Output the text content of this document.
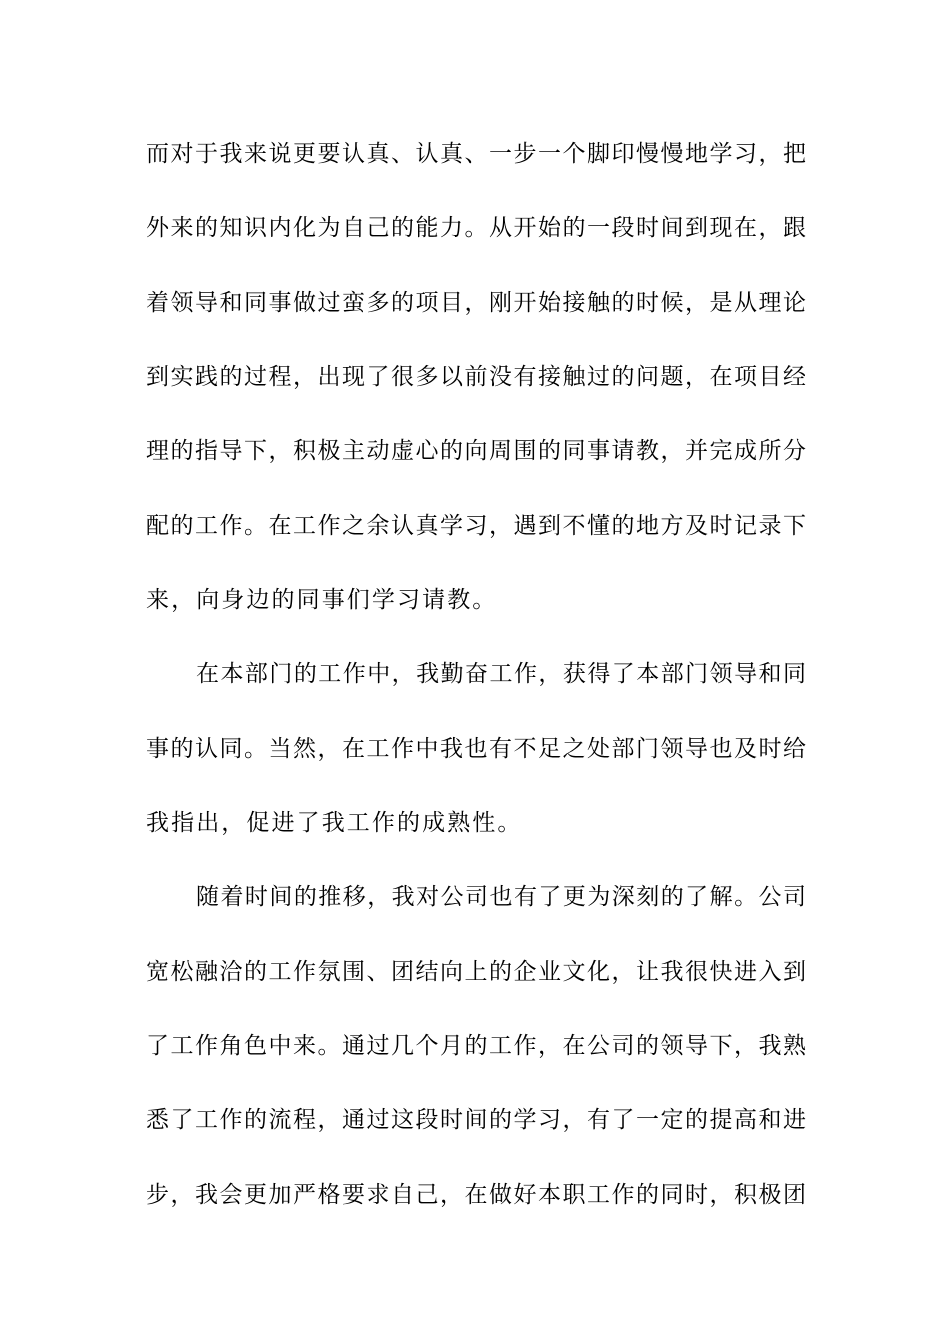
而对于我来说更要认真、认真、一步一个脚印慢慢地学习，把
外来的知识内化为自己的能力。从开始的一段时间到现在，跟
着领导和同事做过蛮多的项目，刚开始接触的时候，是从理论
到实践的过程，出现了很多以前没有接触过的问题，在项目经
理的指导下，积极主动虚心的向周围的同事请教，并完成所分
配的工作。在工作之余认真学习，遇到不懂的地方及时记录下
来，向身边的同事们学习请教。
在本部门的工作中，我勤奋工作，获得了本部门领导和同
事的认同。当然，在工作中我也有不足之处部门领导也及时给
我指出，促进了我工作的成熟性。
随着时间的推移，我对公司也有了更为深刻的了解。公司
宽松融洽的工作氛围、团结向上的企业文化，让我很快进入到
了工作角色中来。通过几个月的工作，在公司的领导下，我熟
悉了工作的流程，通过这段时间的学习，有了一定的提高和进
步，我会更加严格要求自己，在做好本职工作的同时，积极团
